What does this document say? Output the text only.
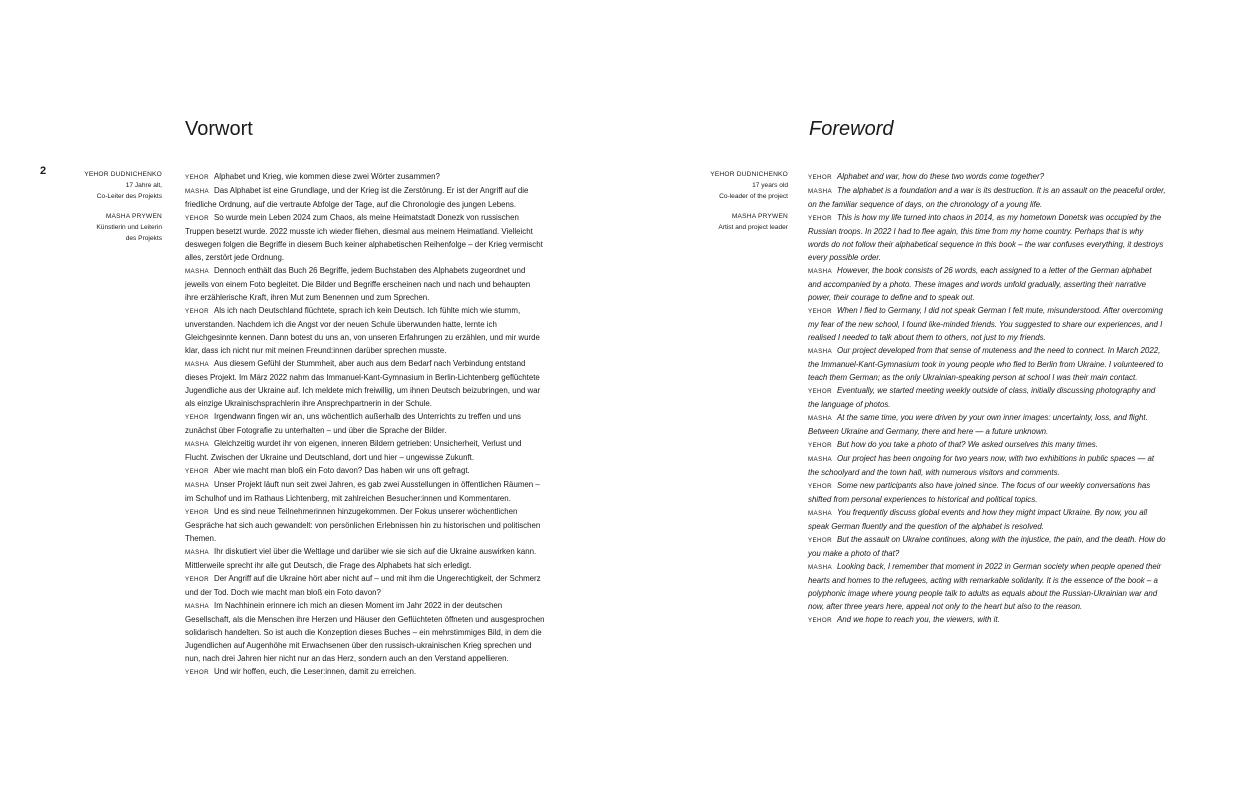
2
Vorwort	Foreword
YEHOR DUDNICHENKO
17 Jahre alt,
Co-Leiter des Projekts
MASHA PRYWEN
Künstlerin und Leiterin
des Projekts
YEHOR DUDNICHENKO
17 years old
Co-leader of the project
MASHA PRYWEN
Artist and project leader

YEHOR Alphabet und Krieg, wie kommen diese zwei Wörter zusammen?

MASHA Das Alphabet ist eine Grundlage, und der Krieg ist die Zerstörung. Er ist der Angriff auf die friedliche Ordnung, auf die vertraute Abfolge der Tage, auf die Chronologie des jungen Lebens.

YEHOR So wurde mein Leben 2024 zum Chaos, als meine Heimatstadt Donezk von russischen Truppen besetzt wurde. 2022 musste ich wieder fliehen, diesmal aus meinem Heimatland. Vielleicht deswegen folgen die Begriffe in diesem Buch keiner alphabetischen Reihenfolge – der Krieg vermischt alles, zerstört jede Ordnung.

MASHA Dennoch enthält das Buch 26 Begriffe, jedem Buchstaben des Alphabets zugeordnet und jeweils von einem Foto begleitet. Die Bilder und Begriffe erscheinen nach und nach und behaupten ihre erzählerische Kraft, ihren Mut zum Benennen und zum Sprechen.

YEHOR Als ich nach Deutschland flüchtete, sprach ich kein Deutsch. Ich fühlte mich wie stumm, unverstanden. Nachdem ich die Angst vor der neuen Schule überwunden hatte, lernte ich Gleichgesinnte kennen. Dann botest du uns an, von unseren Erfahrungen zu erzählen, und mir wurde klar, dass ich nicht nur mit meinen Freund:innen darüber sprechen musste.

MASHA Aus diesem Gefühl der Stummheit, aber auch aus dem Bedarf nach Verbindung entstand dieses Projekt. Im März 2022 nahm das Immanuel-Kant-Gymnasium in Berlin-Lichtenberg geflüchtete Jugendliche aus der Ukraine auf. Ich meldete mich freiwillig, um ihnen Deutsch beizubringen, und war als einzige Ukrainischsprachlerin ihre Ansprechpartnerin in der Schule.

YEHOR Irgendwann fingen wir an, uns wöchentlich außerhalb des Unterrichts zu treffen und uns zunächst über Fotografie zu unterhalten – und über die Sprache der Bilder.

MASHA Gleichzeitig wurdet ihr von eigenen, inneren Bildern getrieben: Unsicherheit, Verlust und Flucht. Zwischen der Ukraine und Deutschland, dort und hier – ungewisse Zukunft.

YEHOR Aber wie macht man bloß ein Foto davon? Das haben wir uns oft gefragt.

MASHA Unser Projekt läuft nun seit zwei Jahren, es gab zwei Ausstellungen in öffentlichen Räumen – im Schulhof und im Rathaus Lichtenberg, mit zahlreichen Besucher:innen und Kommentaren.

YEHOR Und es sind neue Teilnehmerinnen hinzugekommen. Der Fokus unserer wöchentlichen Gespräche hat sich auch gewandelt: von persönlichen Erlebnissen hin zu historischen und politischen Themen.

MASHA Ihr diskutiert viel über die Weltlage und darüber wie sie sich auf die Ukraine auswirken kann. Mittlerweile sprecht ihr alle gut Deutsch, die Frage des Alphabets hat sich erledigt.

YEHOR Der Angriff auf die Ukraine hört aber nicht auf – und mit ihm die Ungerechtigkeit, der Schmerz und der Tod. Doch wie macht man bloß ein Foto davon?

MASHA Im Nachhinein erinnere ich mich an diesen Moment im Jahr 2022 in der deutschen Gesellschaft, als die Menschen ihre Herzen und Häuser den Geflüchteten öffneten und ausgesprochen solidarisch handelten. So ist auch die Konzeption dieses Buches – ein mehrstimmiges Bild, in dem die Jugendlichen auf Augenhöhe mit Erwachsenen über den russisch-ukrainischen Krieg sprechen und nun, nach drei Jahren hier nicht nur an das Herz, sondern auch an den Verstand appellieren.

YEHOR Und wir hoffen, euch, die Leser:innen, damit zu erreichen.

YEHOR Alphabet and war, how do these two words come together?

MASHA The alphabet is a foundation and a war is its destruction. It is an assault on the peaceful order, on the familiar sequence of days, on the chronology of a young life.

YEHOR This is how my life turned into chaos in 2014, as my hometown Donetsk was occupied by the Russian troops. In 2022 I had to flee again, this time from my home country. Perhaps that is why words do not follow their alphabetical sequence in this book – the war confuses everything, it destroys every possible order.

MASHA However, the book consists of 26 words, each assigned to a letter of the German alphabet and accompanied by a photo. These images and words unfold gradually, asserting their narrative power, their courage to define and to speak out.

YEHOR When I fled to Germany, I did not speak German I felt mute, misunderstood. After overcoming my fear of the new school, I found like-minded friends. You suggested to share our experiences, and I realised I needed to talk about them to others, not just to my friends.

MASHA Our project developed from that sense of muteness and the need to connect. In March 2022, the Immanuel-Kant-Gymnasium took in young people who fled to Berlin from Ukraine. I volunteered to teach them German; as the only Ukrainian-speaking person at school I was their main contact.

YEHOR Eventually, we started meeting weekly outside of class, initially discussing photography and the language of photos.

MASHA At the same time, you were driven by your own inner images: uncertainty, loss, and flight. Between Ukraine and Germany, there and here — a future unknown.

YEHOR But how do you take a photo of that? We asked ourselves this many times.

MASHA Our project has been ongoing for two years now, with two exhibitions in public spaces — at the schoolyard and the town hall, with numerous visitors and comments.

YEHOR Some new participants also have joined since. The focus of our weekly conversations has shifted from personal experiences to historical and political topics.

MASHA You frequently discuss global events and how they might impact Ukraine. By now, you all speak German fluently and the question of the alphabet is resolved.

YEHOR But the assault on Ukraine continues, along with the injustice, the pain, and the death. How do you make a photo of that?

MASHA Looking back, I remember that moment in 2022 in German society when people opened their hearts and homes to the refugees, acting with remarkable solidarity. It is the essence of the book – a polyphonic image where young people talk to adults as equals about the Russian-Ukrainian war and now, after three years here, appeal not only to the heart but also to the reason.

YEHOR And we hope to reach you, the viewers, with it.
